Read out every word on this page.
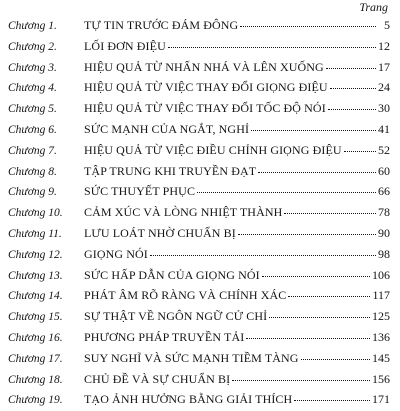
Trang
Chương 1.	TỰ TIN TRƯỚC ĐÁM ĐÔNG	5
Chương 2.	LỐI ĐƠN ĐIỆU	12
Chương 3.	HIỆU QUẢ TỪ NHẤN NHÁ VÀ LÊN XUỐNG	17
Chương 4.	HIỆU QUẢ TỪ VIỆC THAY ĐỔI GIỌNG ĐIỆU	24
Chương 5.	HIỆU QUẢ TỪ VIỆC THAY ĐỔI TỐC ĐỘ NÓI	30
Chương 6.	SỨC MẠNH CỦA NGẮT, NGHỈ	41
Chương 7.	HIỆU QUẢ TỪ VIỆC ĐIỀU CHỈNH GIỌNG ĐIỆU	52
Chương 8.	TẬP TRUNG KHI TRUYỀN ĐẠT	60
Chương 9.	SỨC THUYẾT PHỤC	66
Chương 10.	CẢM XÚC VÀ LÒNG NHIỆT THÀNH	78
Chương 11.	LƯU LOÁT NHỜ CHUẨN BỊ	90
Chương 12.	GIỌNG NÓI	98
Chương 13.	SỨC HẤP DẪN CỦA GIỌNG NÓI	106
Chương 14.	PHÁT ÂM RÕ RÀNG VÀ CHÍNH XÁC	117
Chương 15.	SỰ THẬT VỀ NGÔN NGỮ CỬ CHỈ	125
Chương 16.	PHƯƠNG PHÁP TRUYỀN TẢI	136
Chương 17.	SUY NGHĨ VÀ SỨC MẠNH TIỀM TÀNG	145
Chương 18.	CHỦ ĐỀ VÀ SỰ CHUẨN BỊ	156
Chương 19.	TẠO ẢNH HƯỞNG BẰNG GIẢI THÍCH	171
